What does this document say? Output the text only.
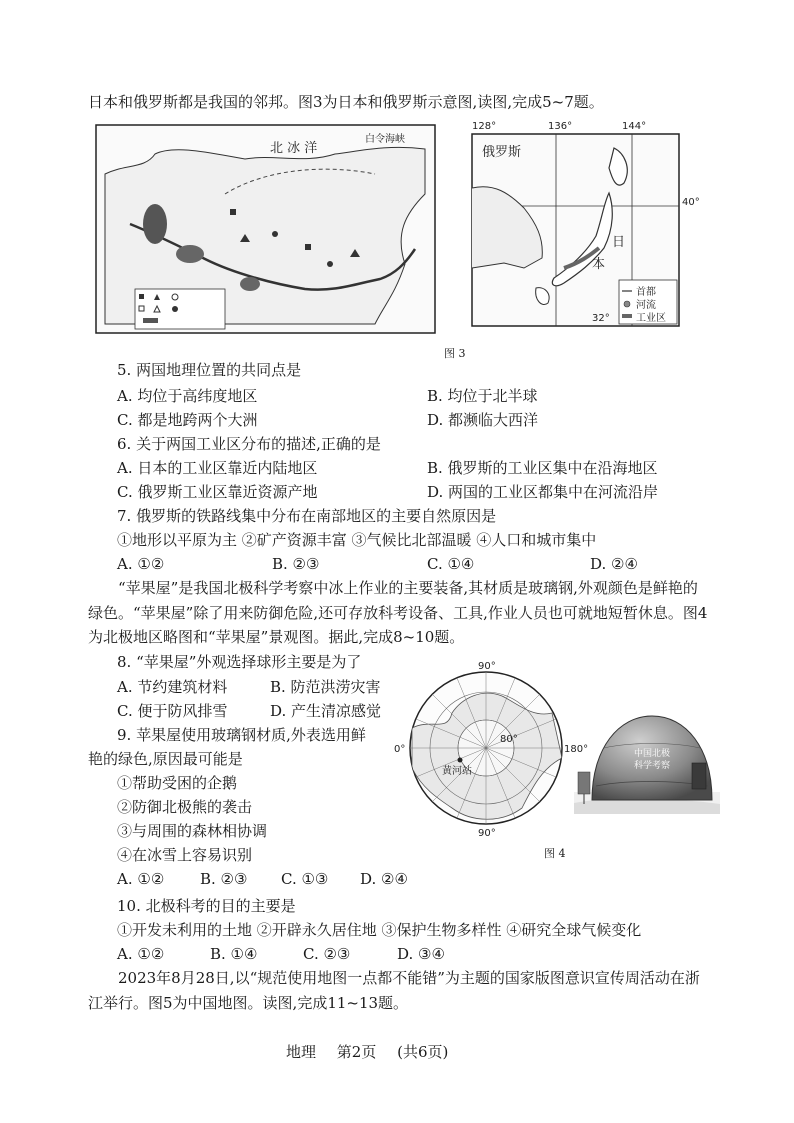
日本和俄罗斯都是我国的邻邦。图3为日本和俄罗斯示意图,读图,完成5~7题。
北 冰 洋
白令海峡
128°	136°	144°
俄罗斯
日
本
40°
32°
首都
河流
工业区
图 3
5. 两国地理位置的共同点是
A. 均位于高纬度地区	B. 均位于北半球
C. 都是地跨两个大洲	D. 都濒临大西洋
6. 关于两国工业区分布的描述,正确的是
A. 日本的工业区靠近内陆地区	B. 俄罗斯的工业区集中在沿海地区
C. 俄罗斯工业区靠近资源产地	D. 两国的工业区都集中在河流沿岸
7. 俄罗斯的铁路线集中分布在南部地区的主要自然原因是
①地形以平原为主 ②矿产资源丰富 ③气候比北部温暖 ④人口和城市集中
A. ①②	B. ②③	C. ①④	D. ②④
“苹果屋”是我国北极科学考察中冰上作业的主要装备,其材质是玻璃钢,外观颜色是鲜艳的绿色。“苹果屋”除了用来防御危险,还可存放科考设备、工具,作业人员也可就地短暂休息。图4为北极地区略图和“苹果屋”景观图。据此,完成8~10题。
8. “苹果屋”外观选择球形主要是为了
A. 节约建筑材料	B. 防范洪涝灾害
C. 便于防风排雪	D. 产生清凉感觉
9. 苹果屋使用玻璃钢材质,外表选用鲜
艳的绿色,原因最可能是
①帮助受困的企鹅
②防御北极熊的袭击
③与周围的森林相协调
④在冰雪上容易识别
A. ①② B. ②③ C. ①③ D. ②④
90°
0°	180°
90°
80°
黄河站
中国北极
科学考察
图 4
10. 北极科考的目的主要是
①开发未利用的土地 ②开辟永久居住地 ③保护生物多样性 ④研究全球气候变化
A. ①②	B. ①④	C. ②③	D. ③④
2023年8月28日,以“规范使用地图一点都不能错”为主题的国家版图意识宣传周活动在浙江举行。图5为中国地图。读图,完成11~13题。
地理 第2页 (共6页)
